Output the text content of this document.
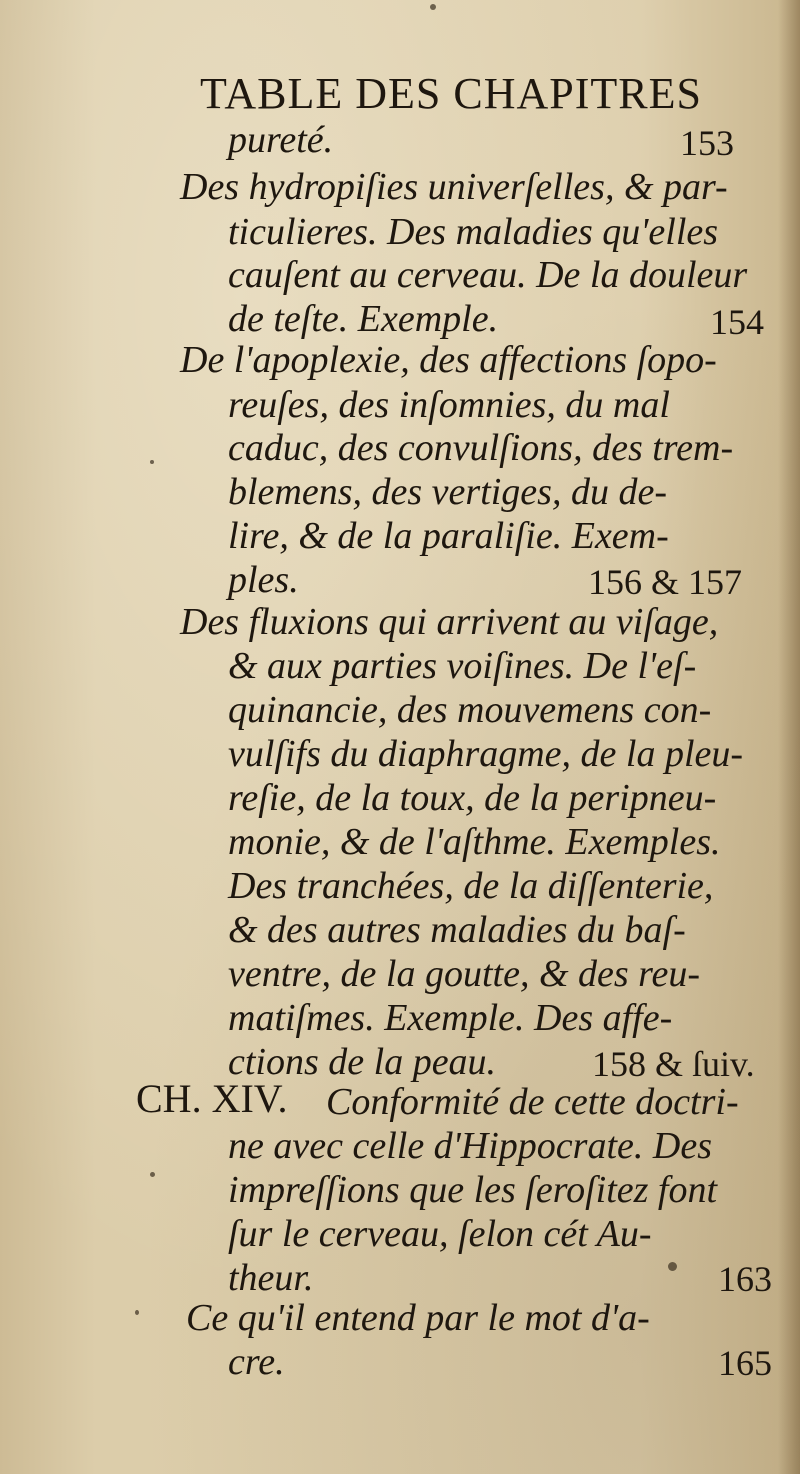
TABLE DES CHAPITRES
pureté.	153
Des hydropiſies univerſelles, & par-
ticulieres. Des maladies qu'elles
cauſent au cerveau. De la douleur
de teſte. Exemple.	154
De l'apoplexie, des affections ſopo-
reuſes, des inſomnies, du mal
caduc, des convulſions, des trem-
blemens, des vertiges, du de-
lire, & de la paraliſie. Exem-
ples.	156 & 157
Des fluxions qui arrivent au viſage,
& aux parties voiſines. De l'eſ-
quinancie, des mouvemens con-
vulſifs du diaphragme, de la pleu-
reſie, de la toux, de la peripneu-
monie, & de l'aſthme. Exemples.
Des tranchées, de la diſſenterie,
& des autres maladies du baſ-
ventre, de la goutte, & des reu-
matiſmes. Exemple. Des affe-
ctions de la peau.	158 & ſuiv.
CH. XIV. Conformité de cette doctri-
ne avec celle d'Hippocrate. Des
impreſſions que les ſeroſitez font
ſur le cerveau, ſelon cét Au-
theur.	163
Ce qu'il entend par le mot d'a-
cre.	165
